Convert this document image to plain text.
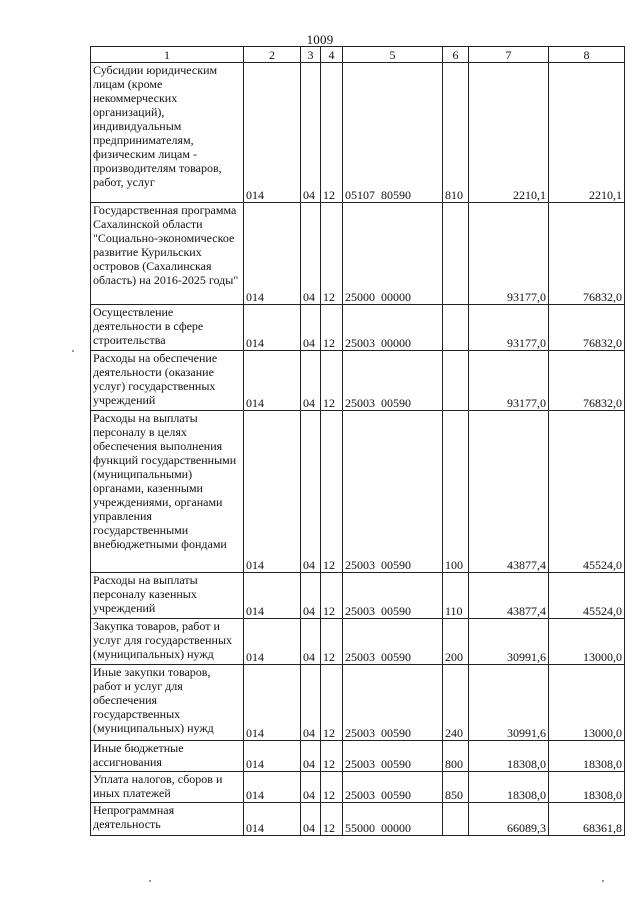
1009
1	2	3	4	5	6	7	8
Субсидии юридическим лицам (кроме некоммерческих организаций), индивидуальным предпринимателям, физическим лицам - производителям товаров, работ, услуг	014	04	12	05107 80590	810	2210,1	2210,1
Государственная программа Сахалинской области "Социально-экономическое развитие Курильских островов (Сахалинская область) на 2016-2025 годы"	014	04	12	25000 00000		93177,0	76832,0
Осуществление деятельности в сфере строительства	014	04	12	25003 00000		93177,0	76832,0
Расходы на обеспечение деятельности (оказание услуг) государственных учреждений	014	04	12	25003 00590		93177,0	76832,0
Расходы на выплаты персоналу в целях обеспечения выполнения функций государственными (муниципальными) органами, казенными учреждениями, органами управления государственными внебюджетными фондами	014	04	12	25003 00590	100	43877,4	45524,0
Расходы на выплаты персоналу казенных учреждений	014	04	12	25003 00590	110	43877,4	45524,0
Закупка товаров, работ и услуг для государственных (муниципальных) нужд	014	04	12	25003 00590	200	30991,6	13000,0
Иные закупки товаров, работ и услуг для обеспечения государственных (муниципальных) нужд	014	04	12	25003 00590	240	30991,6	13000,0
Иные бюджетные ассигнования	014	04	12	25003 00590	800	18308,0	18308,0
Уплата налогов, сборов и иных платежей	014	04	12	25003 00590	850	18308,0	18308,0
Непрограммная деятельность	014	04	12	55000 00000		66089,3	68361,8
